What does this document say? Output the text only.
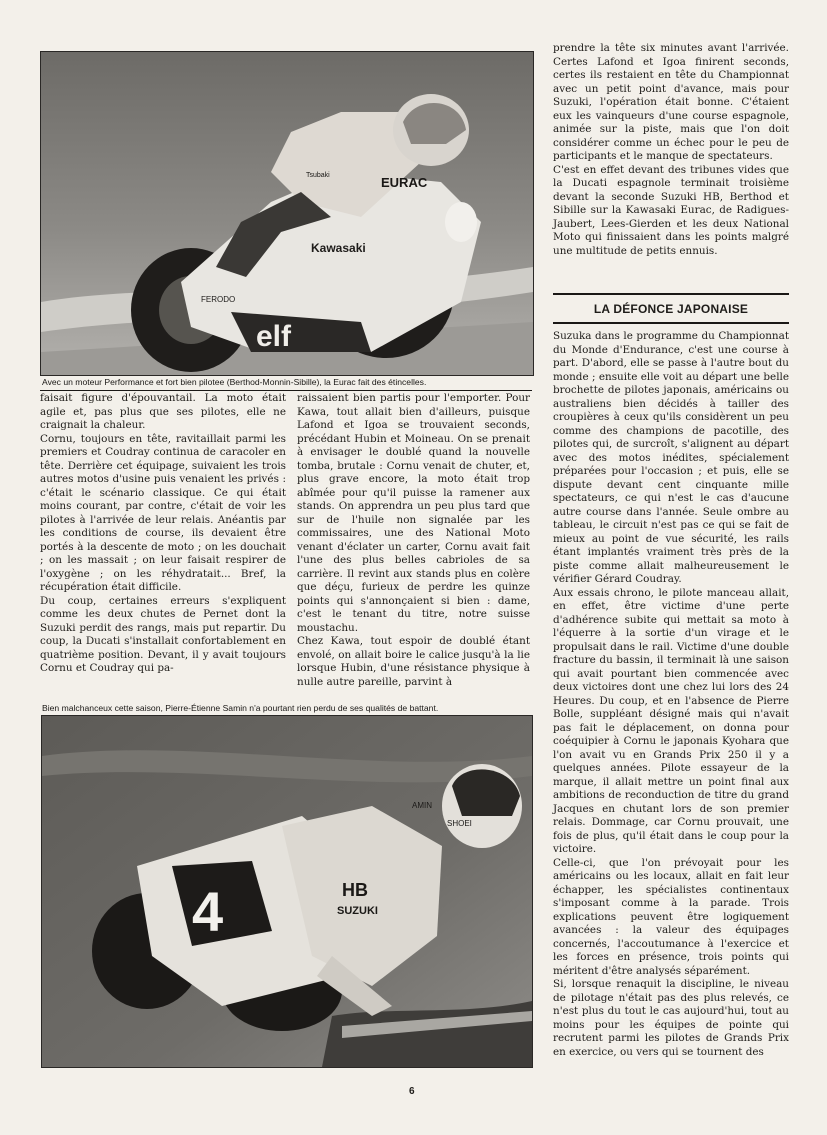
elf
Kawasaki
FERODO
EURAC
Tsubaki
Avec un moteur Performance et fort bien pilotee (Berthod-Monnin-Sibille), la Eurac fait des étincelles.

faisait figure d'épouvantail. La moto était agile et, pas plus que ses pilotes, elle ne craignait la chaleur.

Cornu, toujours en tête, ravitaillait parmi les premiers et Coudray continua de caracoler en tête. Derrière cet équipage, suivaient les trois autres motos d'usine puis venaient les privés : c'était le scénario classique. Ce qui était moins courant, par contre, c'était de voir les pilotes à l'arrivée de leur relais. Anéantis par les conditions de course, ils devaient être portés à la descente de moto ; on les douchait ; on les massait ; on leur faisait respirer de l'oxygène ; on les réhydratait... Bref, la récupération était difficile.

Du coup, certaines erreurs s'expliquent comme les deux chutes de Pernet dont la Suzuki perdit des rangs, mais put repartir. Du coup, la Ducati s'installait confortablement en quatrième position. Devant, il y avait toujours Cornu et Coudray qui pa-

raissaient bien partis pour l'emporter. Pour Kawa, tout allait bien d'ailleurs, puisque Lafond et Igoa se trouvaient seconds, précédant Hubin et Moineau. On se prenait à envisager le doublé quand la nouvelle tomba, brutale : Cornu venait de chuter, et, plus grave encore, la moto était trop abîmée pour qu'il puisse la ramener aux stands. On apprendra un peu plus tard que sur de l'huile non signalée par les commissaires, une des National Moto venant d'éclater un carter, Cornu avait fait l'une des plus belles cabrioles de sa carrière. Il revint aux stands plus en colère que déçu, furieux de perdre les quinze points qui s'annonçaient si bien : dame, c'est le tenant du titre, notre suisse moustachu.

Chez Kawa, tout espoir de doublé étant envolé, on allait boire le calice jusqu'à la lie lorsque Hubin, d'une résistance physique à nulle autre pareille, parvint à

Bien malchanceux cette saison, Pierre-Étienne Samin n'a pourtant rien perdu de ses qualités de battant.
4	HB
SUZUKI
SHOEI
AMIN

prendre la tête six minutes avant l'arrivée. Certes Lafond et Igoa finirent seconds, certes ils restaient en tête du Championnat avec un petit point d'avance, mais pour Suzuki, l'opération était bonne. C'étaient eux les vainqueurs d'une course espagnole, animée sur la piste, mais que l'on doit considérer comme un échec pour le peu de participants et le manque de spectateurs.

C'est en effet devant des tribunes vides que la Ducati espagnole terminait troisième devant la seconde Suzuki HB, Berthod et Sibille sur la Kawasaki Eurac, de Radigues-Jaubert, Lees-Gierden et les deux National Moto qui finissaient dans les points malgré une multitude de petits ennuis.

LA DÉFONCE JAPONAISE

Suzuka dans le programme du Championnat du Monde d'Endurance, c'est une course à part. D'abord, elle se passe à l'autre bout du monde ; ensuite elle voit au départ une belle brochette de pilotes japonais, américains ou australiens bien décidés à tailler des croupières à ceux qu'ils considèrent un peu comme des champions de pacotille, des pilotes qui, de surcroît, s'alignent au départ avec des motos inédites, spécialement préparées pour l'occasion ; et puis, elle se dispute devant cent cinquante mille spectateurs, ce qui n'est le cas d'aucune autre course dans l'année. Seule ombre au tableau, le circuit n'est pas ce qui se fait de mieux au point de vue sécurité, les rails étant implantés vraiment très près de la piste comme allait malheureusement le vérifier Gérard Coudray.

Aux essais chrono, le pilote manceau allait, en effet, être victime d'une perte d'adhérence subite qui mettait sa moto à l'équerre à la sortie d'un virage et le propulsait dans le rail. Victime d'une double fracture du bassin, il terminait là une saison qui avait pourtant bien commencée avec deux victoires dont une chez lui lors des 24 Heures. Du coup, et en l'absence de Pierre Bolle, suppléant désigné mais qui n'avait pas fait le déplacement, on donna pour coéquipier à Cornu le japonais Kyohara que l'on avait vu en Grands Prix 250 il y a quelques années. Pilote essayeur de la marque, il allait mettre un point final aux ambitions de reconduction de titre du grand Jacques en chutant lors de son premier relais. Dommage, car Cornu prouvait, une fois de plus, qu'il était dans le coup pour la victoire.

Celle-ci, que l'on prévoyait pour les américains ou les locaux, allait en fait leur échapper, les spécialistes continentaux s'imposant comme à la parade. Trois explications peuvent être logiquement avancées : la valeur des équipages concernés, l'accoutumance à l'exercice et les forces en présence, trois points qui méritent d'être analysés séparément.

Si, lorsque renaquit la discipline, le niveau de pilotage n'était pas des plus relevés, ce n'est plus du tout le cas aujourd'hui, tout au moins pour les équipes de pointe qui recrutent parmi les pilotes de Grands Prix en exercice, ou vers qui se tournent des

6
